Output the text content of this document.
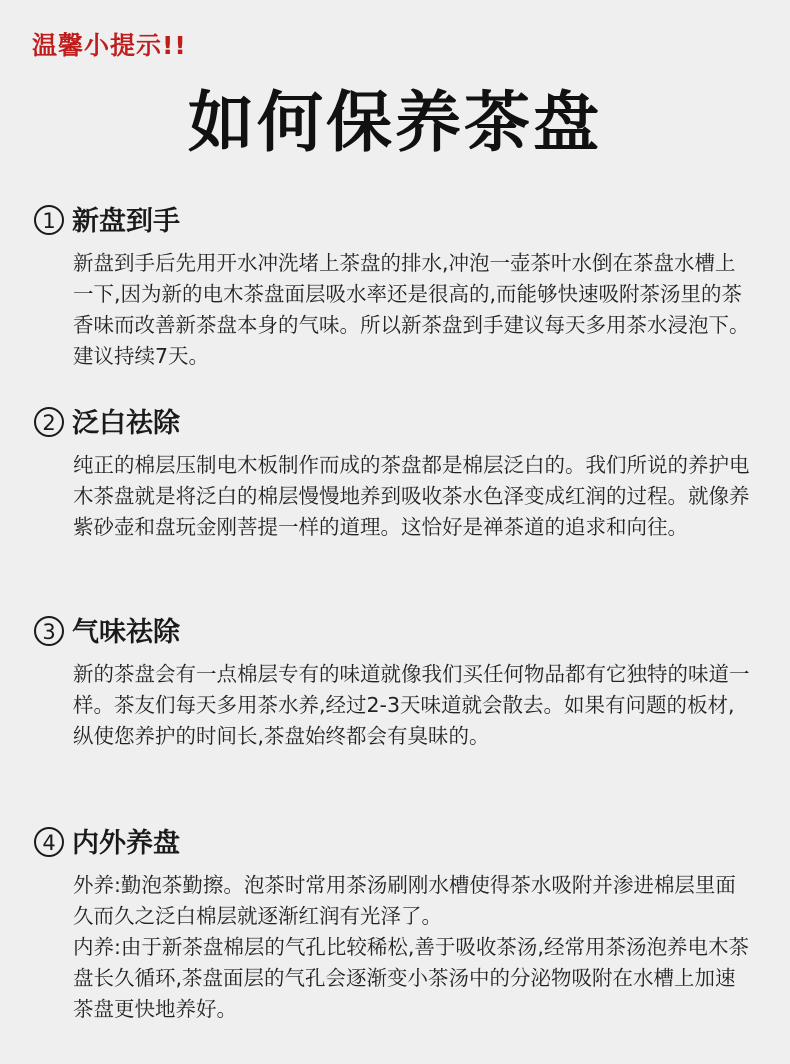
温馨小提示!!
如何保养茶盘
1 新盘到手

新盘到手后先用开水冲洗堵上茶盘的排水,冲泡一壶茶叶水倒在茶盘水槽上一下,因为新的电木茶盘面层吸水率还是很高的,而能够快速吸附茶汤里的茶香味而改善新茶盘本身的气味。所以新茶盘到手建议每天多用茶水浸泡下。建议持续7天。

2 泛白祛除

纯正的棉层压制电木板制作而成的茶盘都是棉层泛白的。我们所说的养护电木茶盘就是将泛白的棉层慢慢地养到吸收茶水色泽变成红润的过程。就像养紫砂壶和盘玩金刚菩提一样的道理。这恰好是禅茶道的追求和向往。

3 气味祛除

新的茶盘会有一点棉层专有的味道就像我们买任何物品都有它独特的味道一样。茶友们每天多用茶水养,经过2-3天味道就会散去。如果有问题的板材,纵使您养护的时间长,茶盘始终都会有臭昧的。

4 内外养盘

外养:勤泡茶勤擦。泡茶时常用茶汤刷刚水槽使得茶水吸附并渗进棉层里面 久而久之泛白棉层就逐渐红润有光泽了。

内养:由于新茶盘棉层的气孔比较稀松,善于吸收茶汤,经常用茶汤泡养电木茶盘长久循环,茶盘面层的气孔会逐渐变小茶汤中的分泌物吸附在水槽上加速茶盘更快地养好。
